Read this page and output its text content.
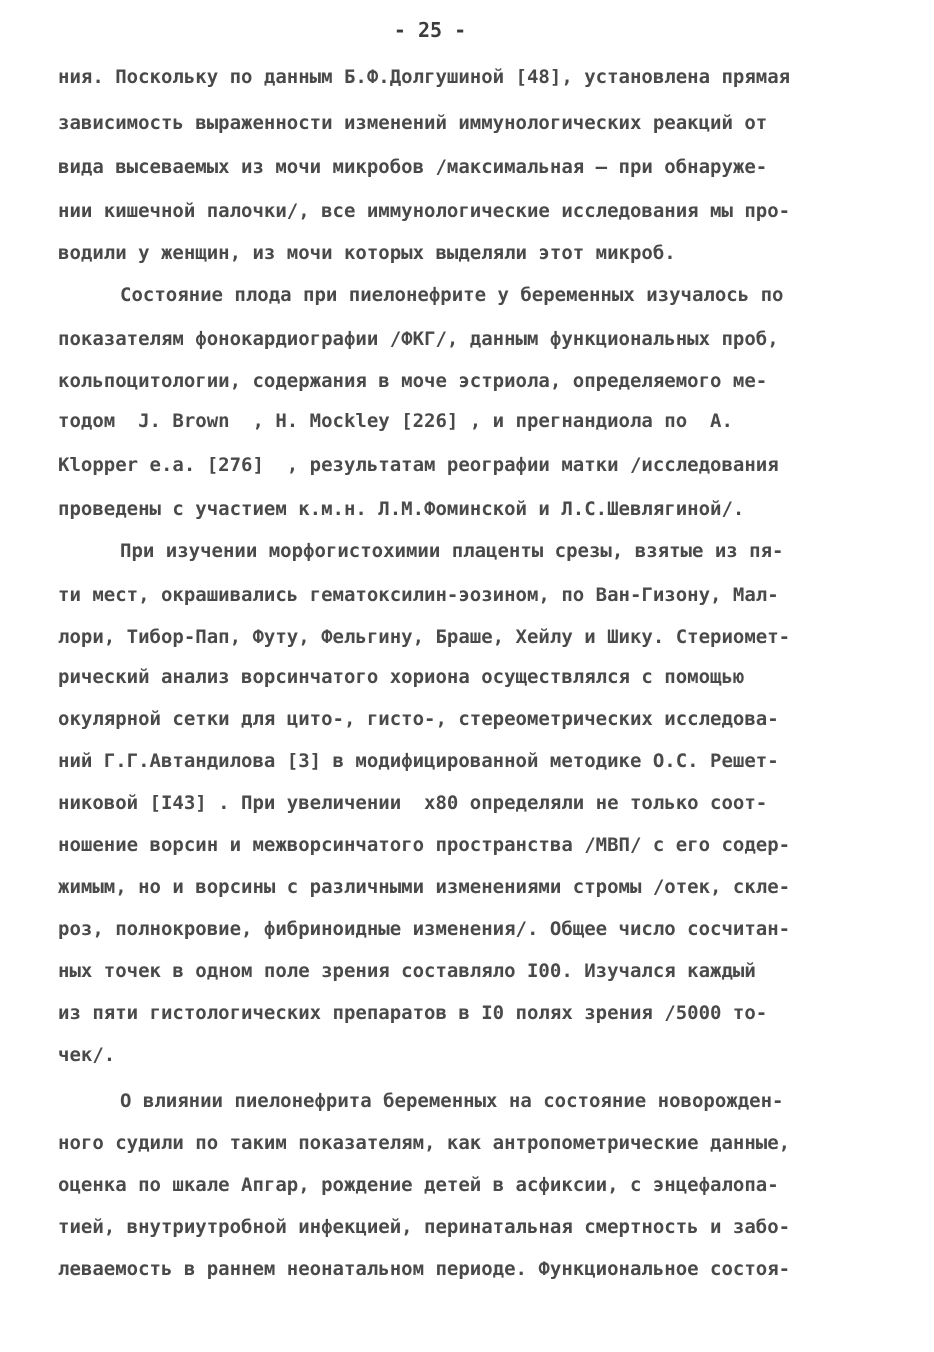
- 25 -
ния. Поскольку по данным Б.Ф.Долгушиной [48], установлена прямая
зависимость выраженности изменений иммунологических реакций от
вида высеваемых из мочи микробов /максимальная – при обнаруже-
нии кишечной палочки/, все иммунологические исследования мы про-
водили у женщин, из мочи которых выделяли этот микроб.
Состояние плода при пиелонефрите у беременных изучалось по
показателям фонокардиографии /ФКГ/, данным функциональных проб,
кольпоцитологии, содержания в моче эстриола, определяемого ме-
тодом  J. Brown  , H. Mockley [226] , и прегнандиола по  A.
Klopper e.a. [276]  , результатам реографии матки /исследования
проведены с участием к.м.н. Л.М.Фоминской и Л.С.Шевлягиной/.
При изучении морфогистохимии плаценты срезы, взятые из пя-
ти мест, окрашивались гематоксилин-эозином, по Ван-Гизону, Мал-
лори, Тибор-Пап, Футу, Фельгину, Браше, Хейлу и Шику. Стериомет-
рический анализ ворсинчатого хориона осуществлялся с помощью
окулярной сетки для цито-, гисто-, стереометрических исследова-
ний Г.Г.Автандилова [3] в модифицированной методике О.С. Решет-
никовой [I43] . При увеличении  x80 определяли не только соот-
ношение ворсин и межворсинчатого пространства /МВП/ с его содер-
жимым, но и ворсины с различными изменениями стромы /отек, скле-
роз, полнокровие, фибриноидные изменения/. Общее число сосчитан-
ных точек в одном поле зрения составляло I00. Изучался каждый
из пяти гистологических препаратов в I0 полях зрения /5000 то-
чек/.
О влиянии пиелонефрита беременных на состояние новорожден-
ного судили по таким показателям, как антропометрические данные,
оценка по шкале Апгар, рождение детей в асфиксии, с энцефалопа-
тией, внутриутробной инфекцией, перинатальная смертность и забо-
леваемость в раннем неонатальном периоде. Функциональное состоя-
